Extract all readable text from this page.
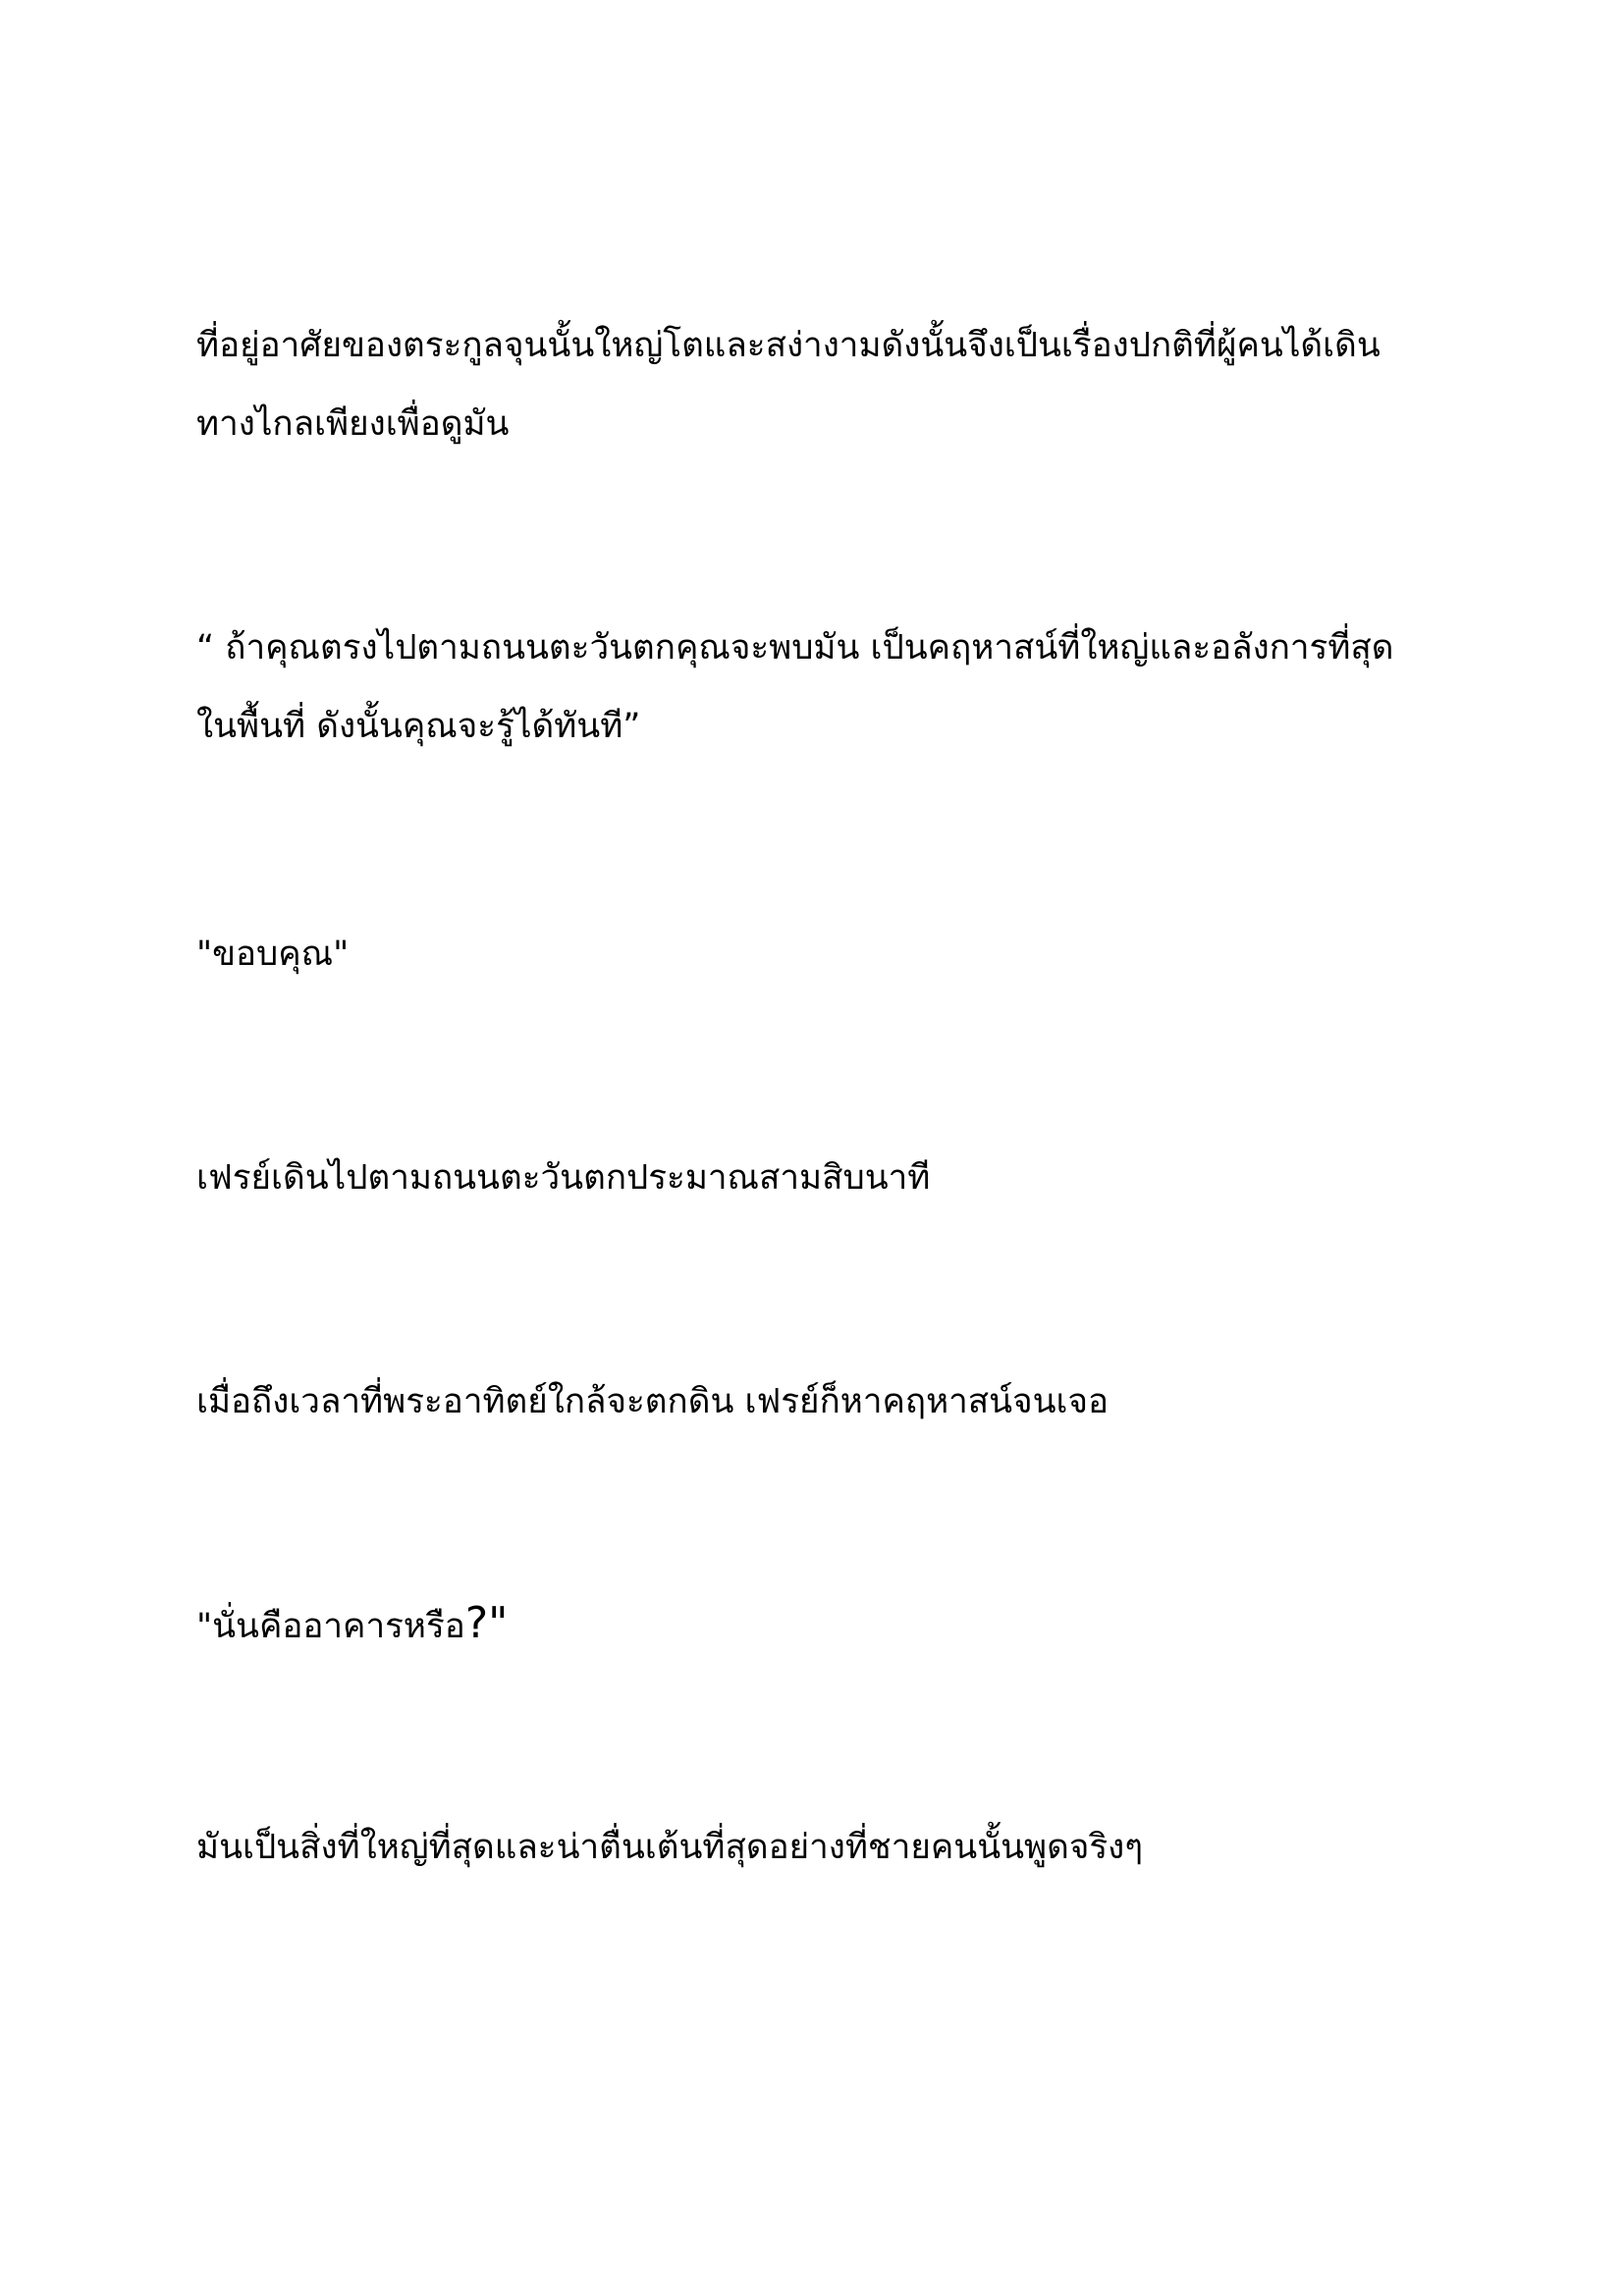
ที่อยู่อาศัยของตระกูลจุนนั้นใหญ่โตและสง่างามดังนั้นจึงเป็นเรื่องปกติที่ผู้คนได้เดิน
ทางไกลเพียงเพื่อดูมัน

“ ถ้าคุณตรงไปตามถนนตะวันตกคุณจะพบมัน เป็นคฤหาสน์ที่ใหญ่และอลังการที่สุด
ในพื้นที่ ดังนั้นคุณจะรู้ได้ทันที”

"ขอบคุณ"

เฟรย์เดินไปตามถนนตะวันตกประมาณสามสิบนาที

เมื่อถึงเวลาที่พระอาทิตย์ใกล้จะตกดิน เฟรย์ก็หาคฤหาสน์จนเจอ

"นั่นคืออาคารหรือ?"

มันเป็นสิ่งที่ใหญ่ที่สุดและน่าตื่นเต้นที่สุดอย่างที่ชายคนนั้นพูดจริงๆ
